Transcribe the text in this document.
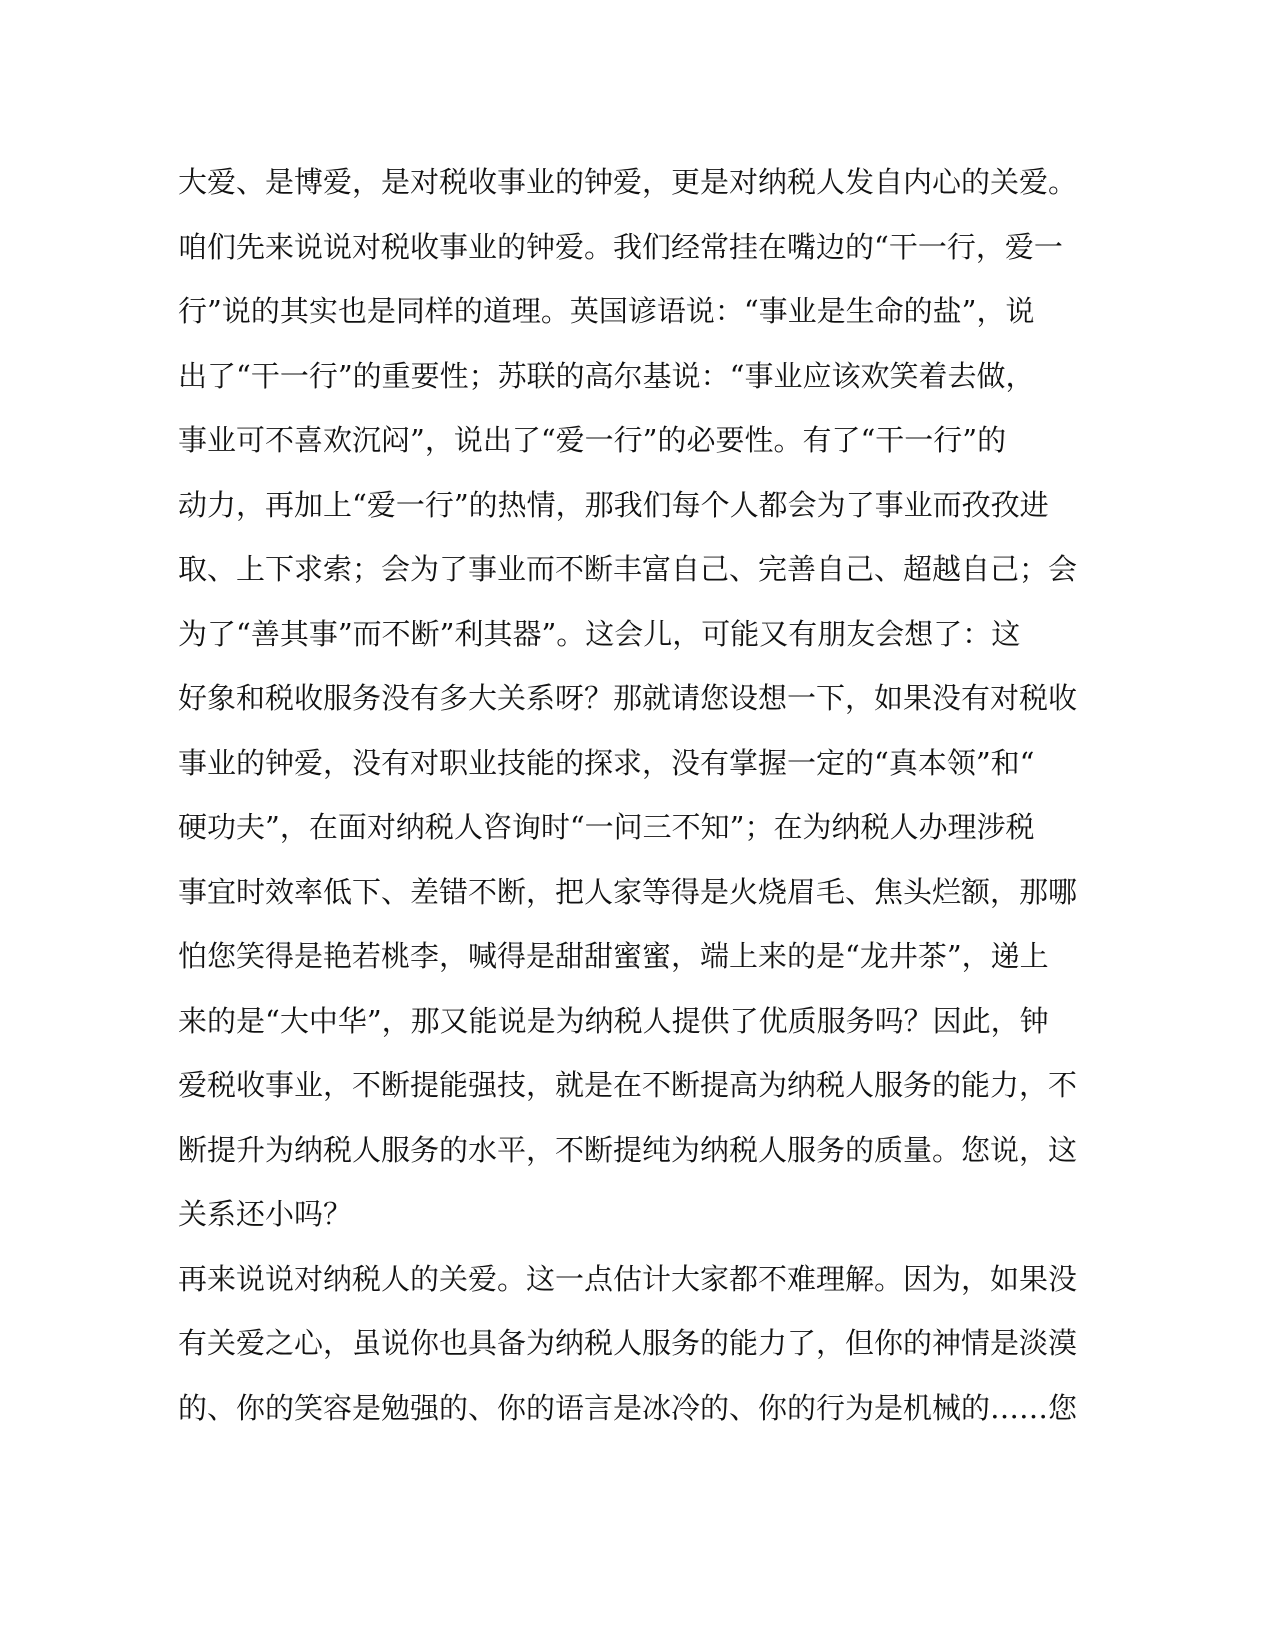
大爱、是博爱，是对税收事业的钟爱，更是对纳税人发自内心的关爱。
咱们先来说说对税收事业的钟爱。我们经常挂在嘴边的“干一行，爱一
行”说的其实也是同样的道理。英国谚语说：“事业是生命的盐”，说
出了“干一行”的重要性；苏联的高尔基说：“事业应该欢笑着去做，
事业可不喜欢沉闷”，说出了“爱一行”的必要性。有了“干一行”的
动力，再加上“爱一行”的热情，那我们每个人都会为了事业而孜孜进
取、上下求索；会为了事业而不断丰富自己、完善自己、超越自己；会
为了“善其事”而不断”利其器”。这会儿，可能又有朋友会想了：这
好象和税收服务没有多大关系呀？那就请您设想一下，如果没有对税收
事业的钟爱，没有对职业技能的探求，没有掌握一定的“真本领”和“
硬功夫”，在面对纳税人咨询时“一问三不知”；在为纳税人办理涉税
事宜时效率低下、差错不断，把人家等得是火烧眉毛、焦头烂额，那哪
怕您笑得是艳若桃李，喊得是甜甜蜜蜜，端上来的是“龙井茶”，递上
来的是“大中华”，那又能说是为纳税人提供了优质服务吗？因此，钟
爱税收事业，不断提能强技，就是在不断提高为纳税人服务的能力，不
断提升为纳税人服务的水平，不断提纯为纳税人服务的质量。您说，这
关系还小吗？
再来说说对纳税人的关爱。这一点估计大家都不难理解。因为，如果没
有关爱之心，虽说你也具备为纳税人服务的能力了，但你的神情是淡漠
的、你的笑容是勉强的、你的语言是冰冷的、你的行为是机械的……您
